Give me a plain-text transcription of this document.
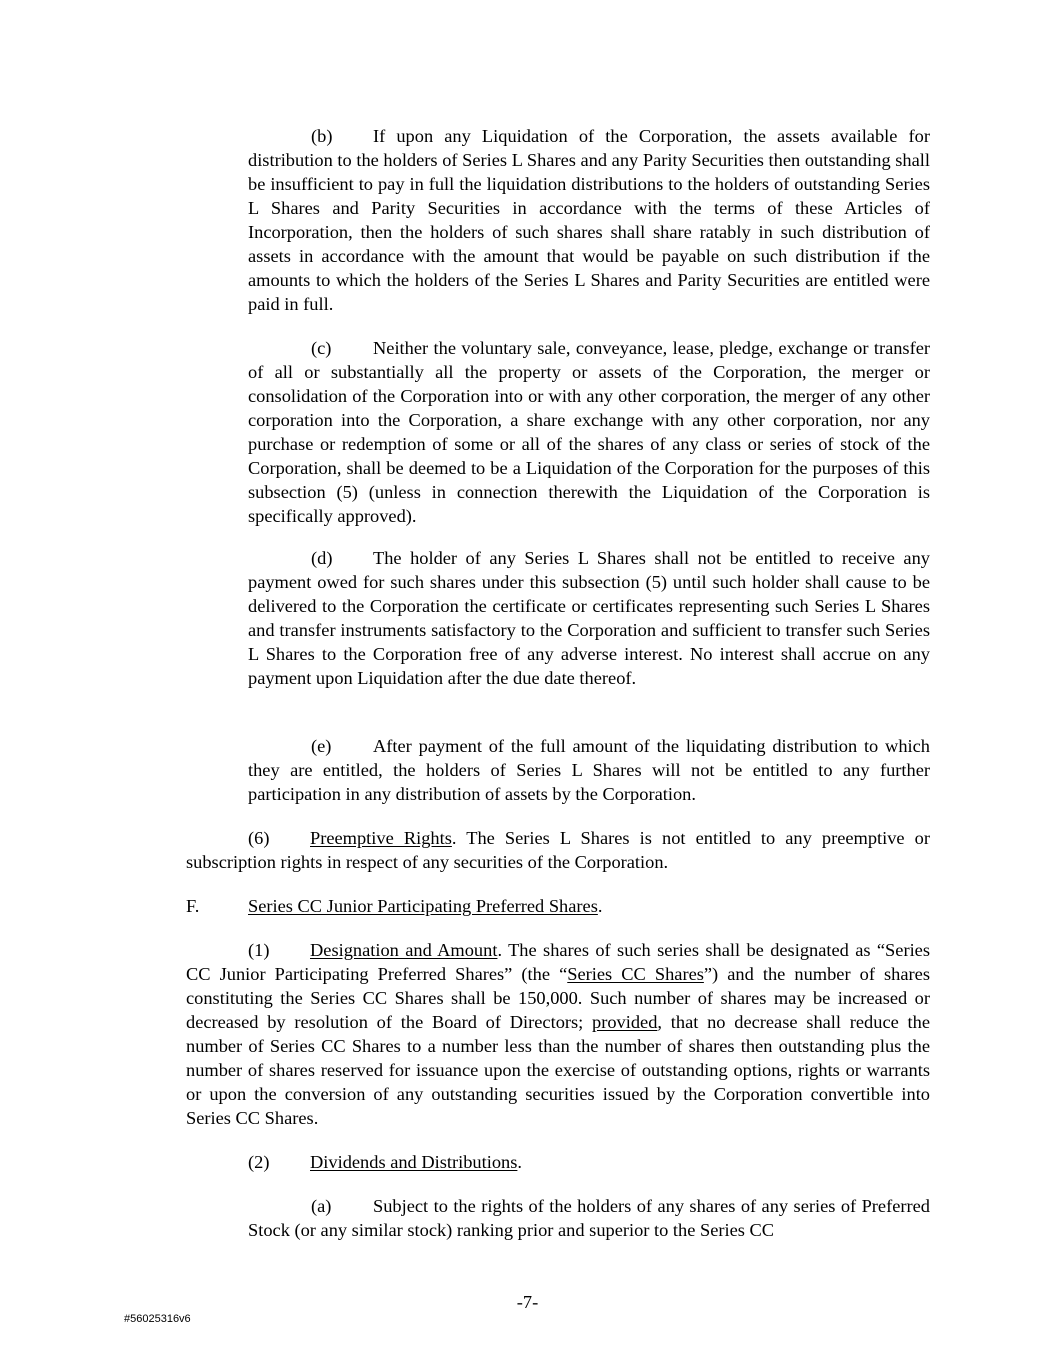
(b) If upon any Liquidation of the Corporation, the assets available for distribution to the holders of Series L Shares and any Parity Securities then outstanding shall be insufficient to pay in full the liquidation distributions to the holders of outstanding Series L Shares and Parity Securities in accordance with the terms of these Articles of Incorporation, then the holders of such shares shall share ratably in such distribution of assets in accordance with the amount that would be payable on such distribution if the amounts to which the holders of the Series L Shares and Parity Securities are entitled were paid in full.

(c) Neither the voluntary sale, conveyance, lease, pledge, exchange or transfer of all or substantially all the property or assets of the Corporation, the merger or consolidation of the Corporation into or with any other corporation, the merger of any other corporation into the Corporation, a share exchange with any other corporation, nor any purchase or redemption of some or all of the shares of any class or series of stock of the Corporation, shall be deemed to be a Liquidation of the Corporation for the purposes of this subsection (5) (unless in connection therewith the Liquidation of the Corporation is specifically approved).

(d) The holder of any Series L Shares shall not be entitled to receive any payment owed for such shares under this subsection (5) until such holder shall cause to be delivered to the Corporation the certificate or certificates representing such Series L Shares and transfer instruments satisfactory to the Corporation and sufficient to transfer such Series L Shares to the Corporation free of any adverse interest. No interest shall accrue on any payment upon Liquidation after the due date thereof.

(e) After payment of the full amount of the liquidating distribution to which they are entitled, the holders of Series L Shares will not be entitled to any further participation in any distribution of assets by the Corporation.

(6) Preemptive Rights. The Series L Shares is not entitled to any preemptive or subscription rights in respect of any securities of the Corporation.

F.	Series CC Junior Participating Preferred Shares.

(1) Designation and Amount. The shares of such series shall be designated as “Series CC Junior Participating Preferred Shares” (the “Series CC Shares”) and the number of shares constituting the Series CC Shares shall be 150,000. Such number of shares may be increased or decreased by resolution of the Board of Directors; provided, that no decrease shall reduce the number of Series CC Shares to a number less than the number of shares then outstanding plus the number of shares reserved for issuance upon the exercise of outstanding options, rights or warrants or upon the conversion of any outstanding securities issued by the Corporation convertible into Series CC Shares.

(2) Dividends and Distributions.

(a) Subject to the rights of the holders of any shares of any series of Preferred Stock (or any similar stock) ranking prior and superior to the Series CC

-7-
#56025316v6
